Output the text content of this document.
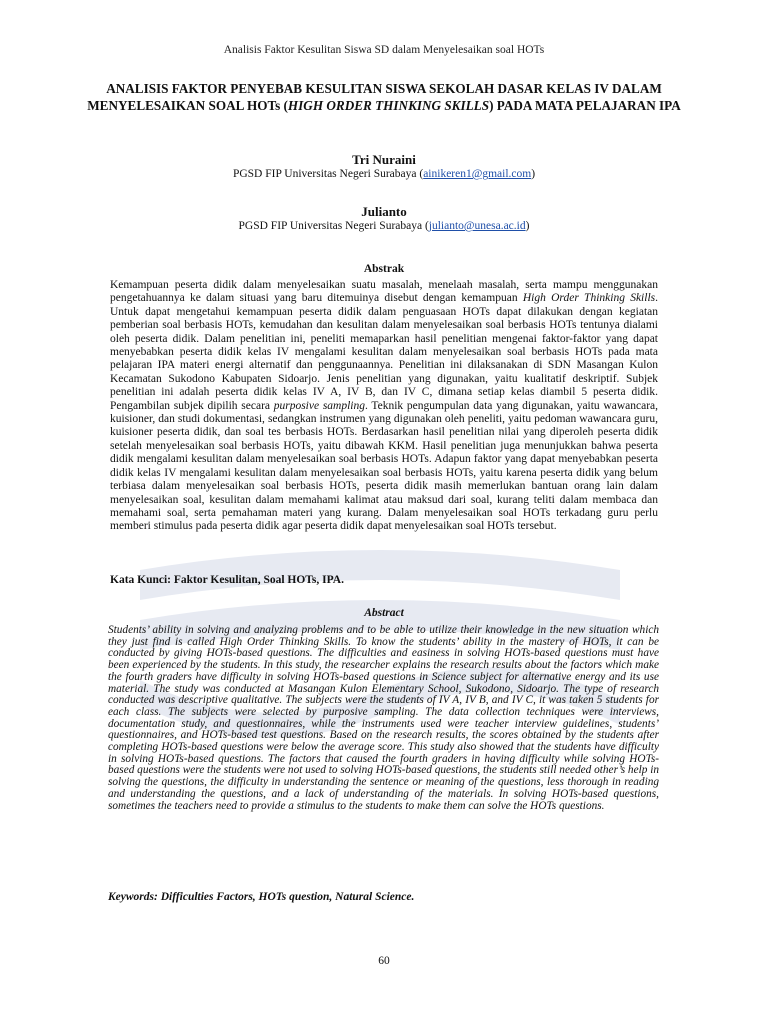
Analisis Faktor Kesulitan Siswa SD dalam Menyelesaikan soal HOTs
ANALISIS FAKTOR PENYEBAB KESULITAN SISWA SEKOLAH DASAR KELAS IV DALAM MENYELESAIKAN SOAL HOTs (HIGH ORDER THINKING SKILLS) PADA MATA PELAJARAN IPA
Tri Nuraini
PGSD FIP Universitas Negeri Surabaya (ainikeren1@gmail.com)
Julianto
PGSD FIP Universitas Negeri Surabaya (julianto@unesa.ac.id)
Abstrak
Kemampuan peserta didik dalam menyelesaikan suatu masalah, menelaah masalah, serta mampu menggunakan pengetahuannya ke dalam situasi yang baru ditemuinya disebut dengan kemampuan High Order Thinking Skills. Untuk dapat mengetahui kemampuan peserta didik dalam penguasaan HOTs dapat dilakukan dengan kegiatan pemberian soal berbasis HOTs, kemudahan dan kesulitan dalam menyelesaikan soal berbasis HOTs tentunya dialami oleh peserta didik. Dalam penelitian ini, peneliti memaparkan hasil penelitian mengenai faktor-faktor yang dapat menyebabkan peserta didik kelas IV mengalami kesulitan dalam menyelesaikan soal berbasis HOTs pada mata pelajaran IPA materi energi alternatif dan penggunaannya. Penelitian ini dilaksanakan di SDN Masangan Kulon Kecamatan Sukodono Kabupaten Sidoarjo. Jenis penelitian yang digunakan, yaitu kualitatif deskriptif. Subjek penelitian ini adalah peserta didik kelas IV A, IV B, dan IV C, dimana setiap kelas diambil 5 peserta didik. Pengambilan subjek dipilih secara purposive sampling. Teknik pengumpulan data yang digunakan, yaitu wawancara, kuisioner, dan studi dokumentasi, sedangkan instrumen yang digunakan oleh peneliti, yaitu pedoman wawancara guru, kuisioner peserta didik, dan soal tes berbasis HOTs. Berdasarkan hasil penelitian nilai yang diperoleh peserta didik setelah menyelesaikan soal berbasis HOTs, yaitu dibawah KKM. Hasil penelitian juga menunjukkan bahwa peserta didik mengalami kesulitan dalam menyelesaikan soal berbasis HOTs. Adapun faktor yang dapat menyebabkan peserta didik kelas IV mengalami kesulitan dalam menyelesaikan soal berbasis HOTs, yaitu karena peserta didik yang belum terbiasa dalam menyelesaikan soal berbasis HOTs, peserta didik masih memerlukan bantuan orang lain dalam menyelesaikan soal, kesulitan dalam memahami kalimat atau maksud dari soal, kurang teliti dalam membaca dan memahami soal, serta pemahaman materi yang kurang. Dalam menyelesaikan soal HOTs terkadang guru perlu memberi stimulus pada peserta didik agar peserta didik dapat menyelesaikan soal HOTs tersebut.
Kata Kunci: Faktor Kesulitan, Soal HOTs, IPA.
Abstract
Students’ ability in solving and analyzing problems and to be able to utilize their knowledge in the new situation which they just find is called High Order Thinking Skills. To know the students’ ability in the mastery of HOTs, it can be conducted by giving HOTs-based questions. The difficulties and easiness in solving HOTs-based questions must have been experienced by the students. In this study, the researcher explains the research results about the factors which make the fourth graders have difficulty in solving HOTs-based questions in Science subject for alternative energy and its use material. The study was conducted at Masangan Kulon Elementary School, Sukodono, Sidoarjo. The type of research conducted was descriptive qualitative. The subjects were the students of IV A, IV B, and IV C, it was taken 5 students for each class. The subjects were selected by purposive sampling. The data collection techniques were interviews, documentation study, and questionnaires, while the instruments used were teacher interview guidelines, students’ questionnaires, and HOTs-based test questions. Based on the research results, the scores obtained by the students after completing HOTs-based questions were below the average score. This study also showed that the students have difficulty in solving HOTs-based questions. The factors that caused the fourth graders in having difficulty while solving HOTs-based questions were the students were not used to solving HOTs-based questions, the students still needed other’s help in solving the questions, the difficulty in understanding the sentence or meaning of the questions, less thorough in reading and understanding the questions, and a lack of understanding of the materials. In solving HOTs-based questions, sometimes the teachers need to provide a stimulus to the students to make them can solve the HOTs questions.
Keywords: Difficulties Factors, HOTs question, Natural Science.
60
